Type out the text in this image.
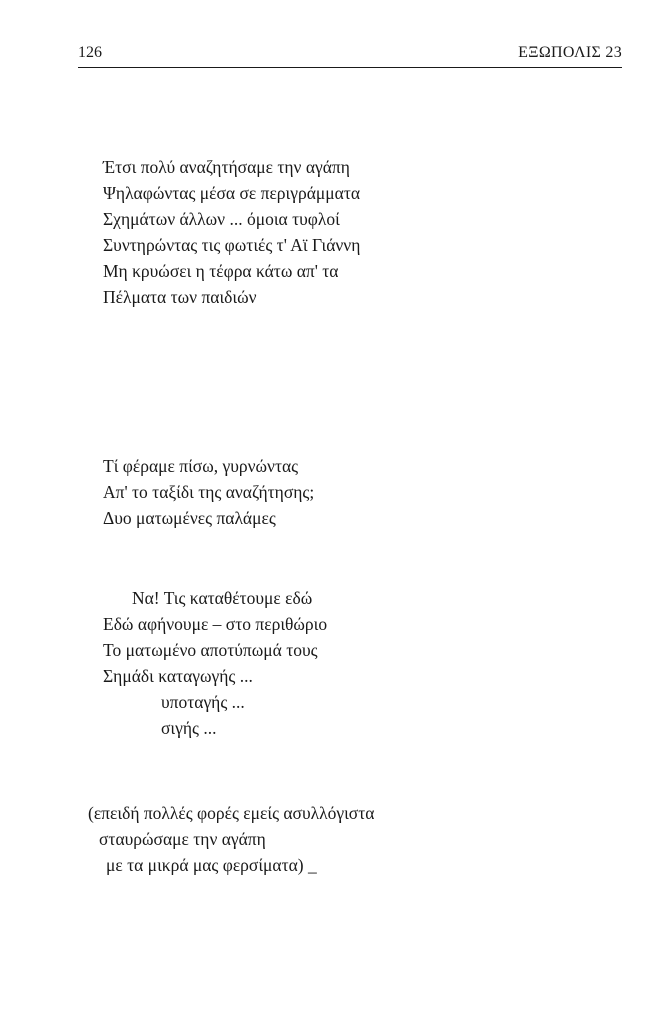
126	ΕΞΩΠΟΛΙΣ 23
Έτσι πολύ αναζητήσαμε την αγάπη
Ψηλαφώντας μέσα σε περιγράμματα
Σχημάτων άλλων ... όμοια τυφλοί
Συντηρώντας τις φωτιές τ' Αϊ Γιάννη
Μη κρυώσει η τέφρα κάτω απ' τα
Πέλματα των παιδιών
Τί φέραμε πίσω, γυρνώντας
Απ' το ταξίδι της αναζήτησης;
Δυο ματωμένες παλάμες
Να! Τις καταθέτουμε εδώ
Εδώ αφήνουμε – στο περιθώριο
Το ματωμένο αποτύπωμά τους
Σημάδι καταγωγής ...
υποταγής ...
σιγής ...
(επειδή πολλές φορές εμείς ασυλλόγιστα
σταυρώσαμε την αγάπη
με τα μικρά μας φερσίματα) _
